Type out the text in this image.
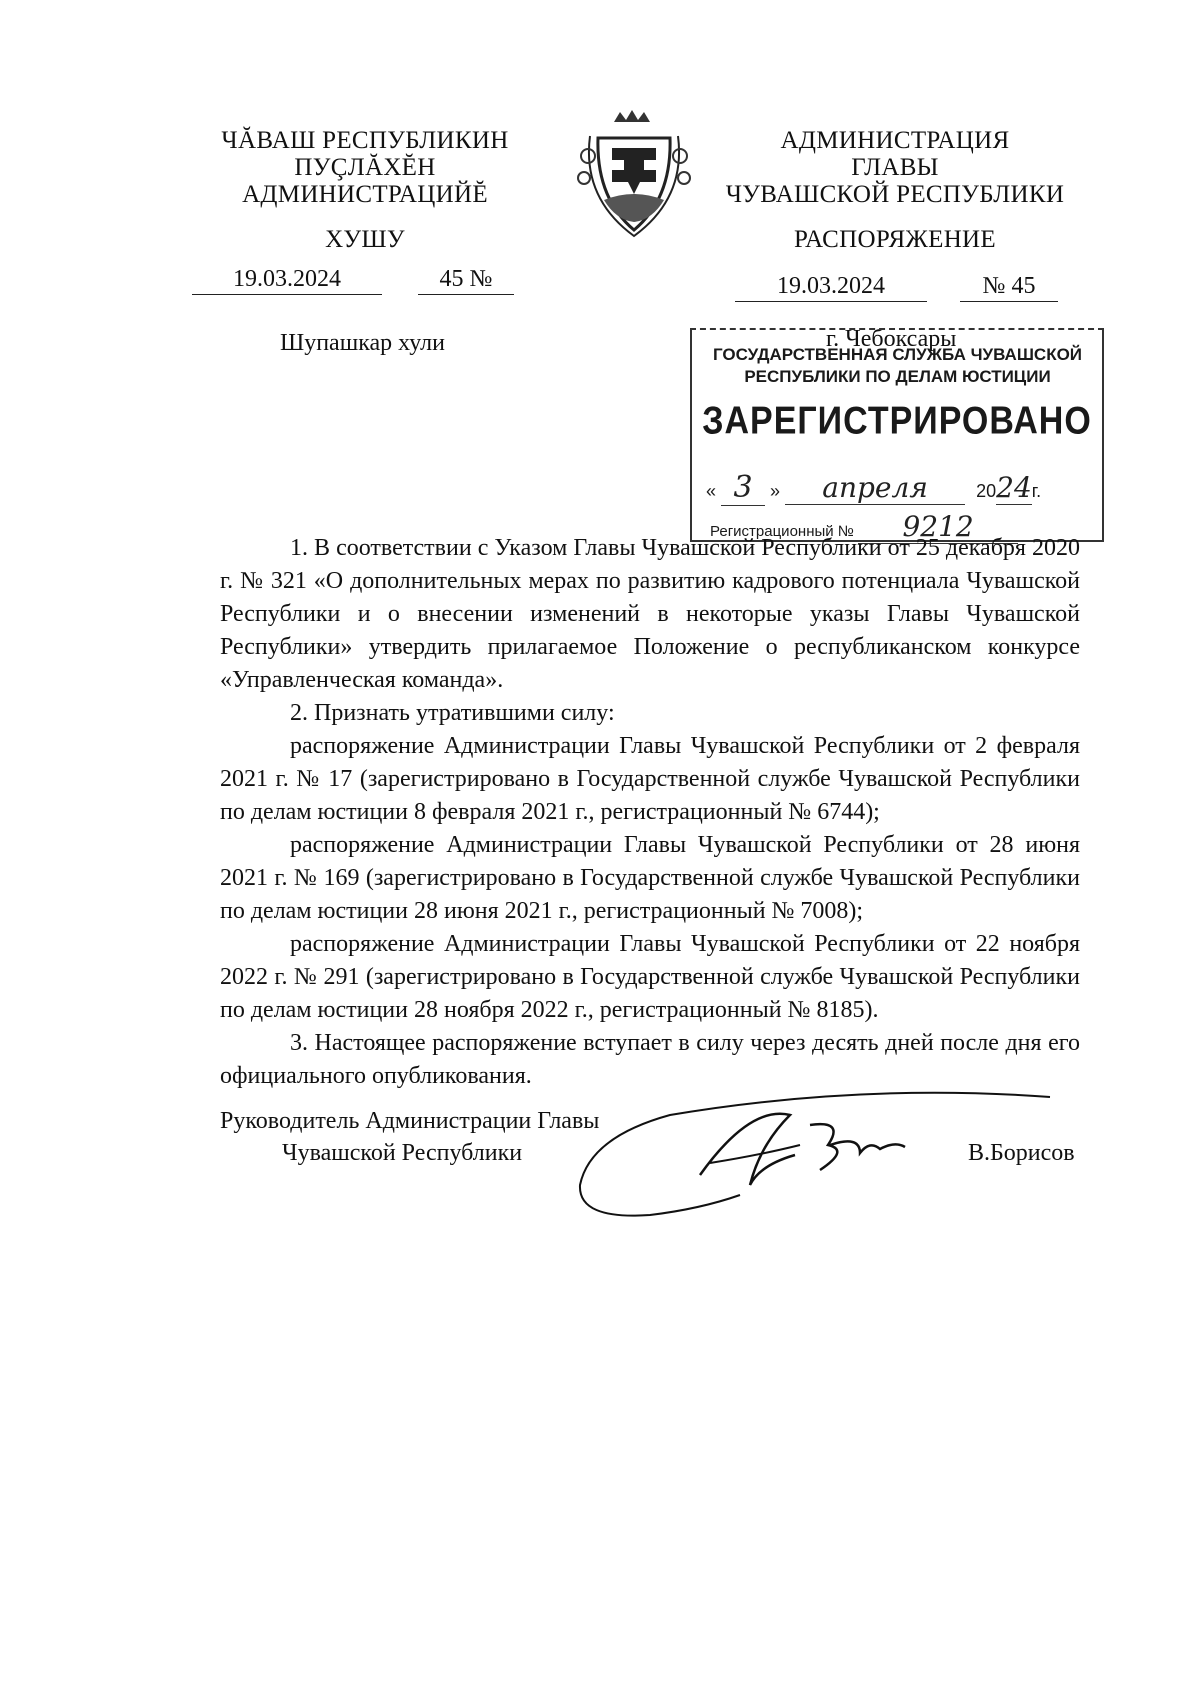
ЧĂВАШ РЕСПУБЛИКИН
ПУÇЛĂХĔН
АДМИНИСТРАЦИЙĔ
ХУШУ
19.03.2024	45 №
Шупашкар хули
АДМИНИСТРАЦИЯ
ГЛАВЫ
ЧУВАШСКОЙ РЕСПУБЛИКИ
РАСПОРЯЖЕНИЕ
19.03.2024	№ 45
г. Чебоксары
ГОСУДАРСТВЕННАЯ СЛУЖБА ЧУВАШСКОЙ
РЕСПУБЛИКИ ПО ДЕЛАМ ЮСТИЦИИ
ЗАРЕГИСТРИРОВАНО
« 3 » апреля	2024г.
Регистрационный № 9212

1. В соответствии с Указом Главы Чувашской Республики от 25 декабря 2020 г. № 321 «О дополнительных мерах по развитию кадрового потенциала Чувашской Республики и о внесении изменений в некоторые указы Главы Чувашской Республики» утвердить прилагаемое Положение о республиканском конкурсе «Управленческая команда».

2. Признать утратившими силу:

распоряжение Администрации Главы Чувашской Республики от 2 февраля 2021 г. № 17 (зарегистрировано в Государственной службе Чувашской Республики по делам юстиции 8 февраля 2021 г., регистрационный № 6744);

распоряжение Администрации Главы Чувашской Республики от 28 июня 2021 г. № 169 (зарегистрировано в Государственной службе Чувашской Республики по делам юстиции 28 июня 2021 г., регистрационный № 7008);

распоряжение Администрации Главы Чувашской Республики от 22 ноября 2022 г. № 291 (зарегистрировано в Государственной службе Чувашской Республики по делам юстиции 28 ноября 2022 г., регистрационный № 8185).

3. Настоящее распоряжение вступает в силу через десять дней после дня его официального опубликования.

Руководитель Администрации Главы
Чувашской Республики	В.Борисов
